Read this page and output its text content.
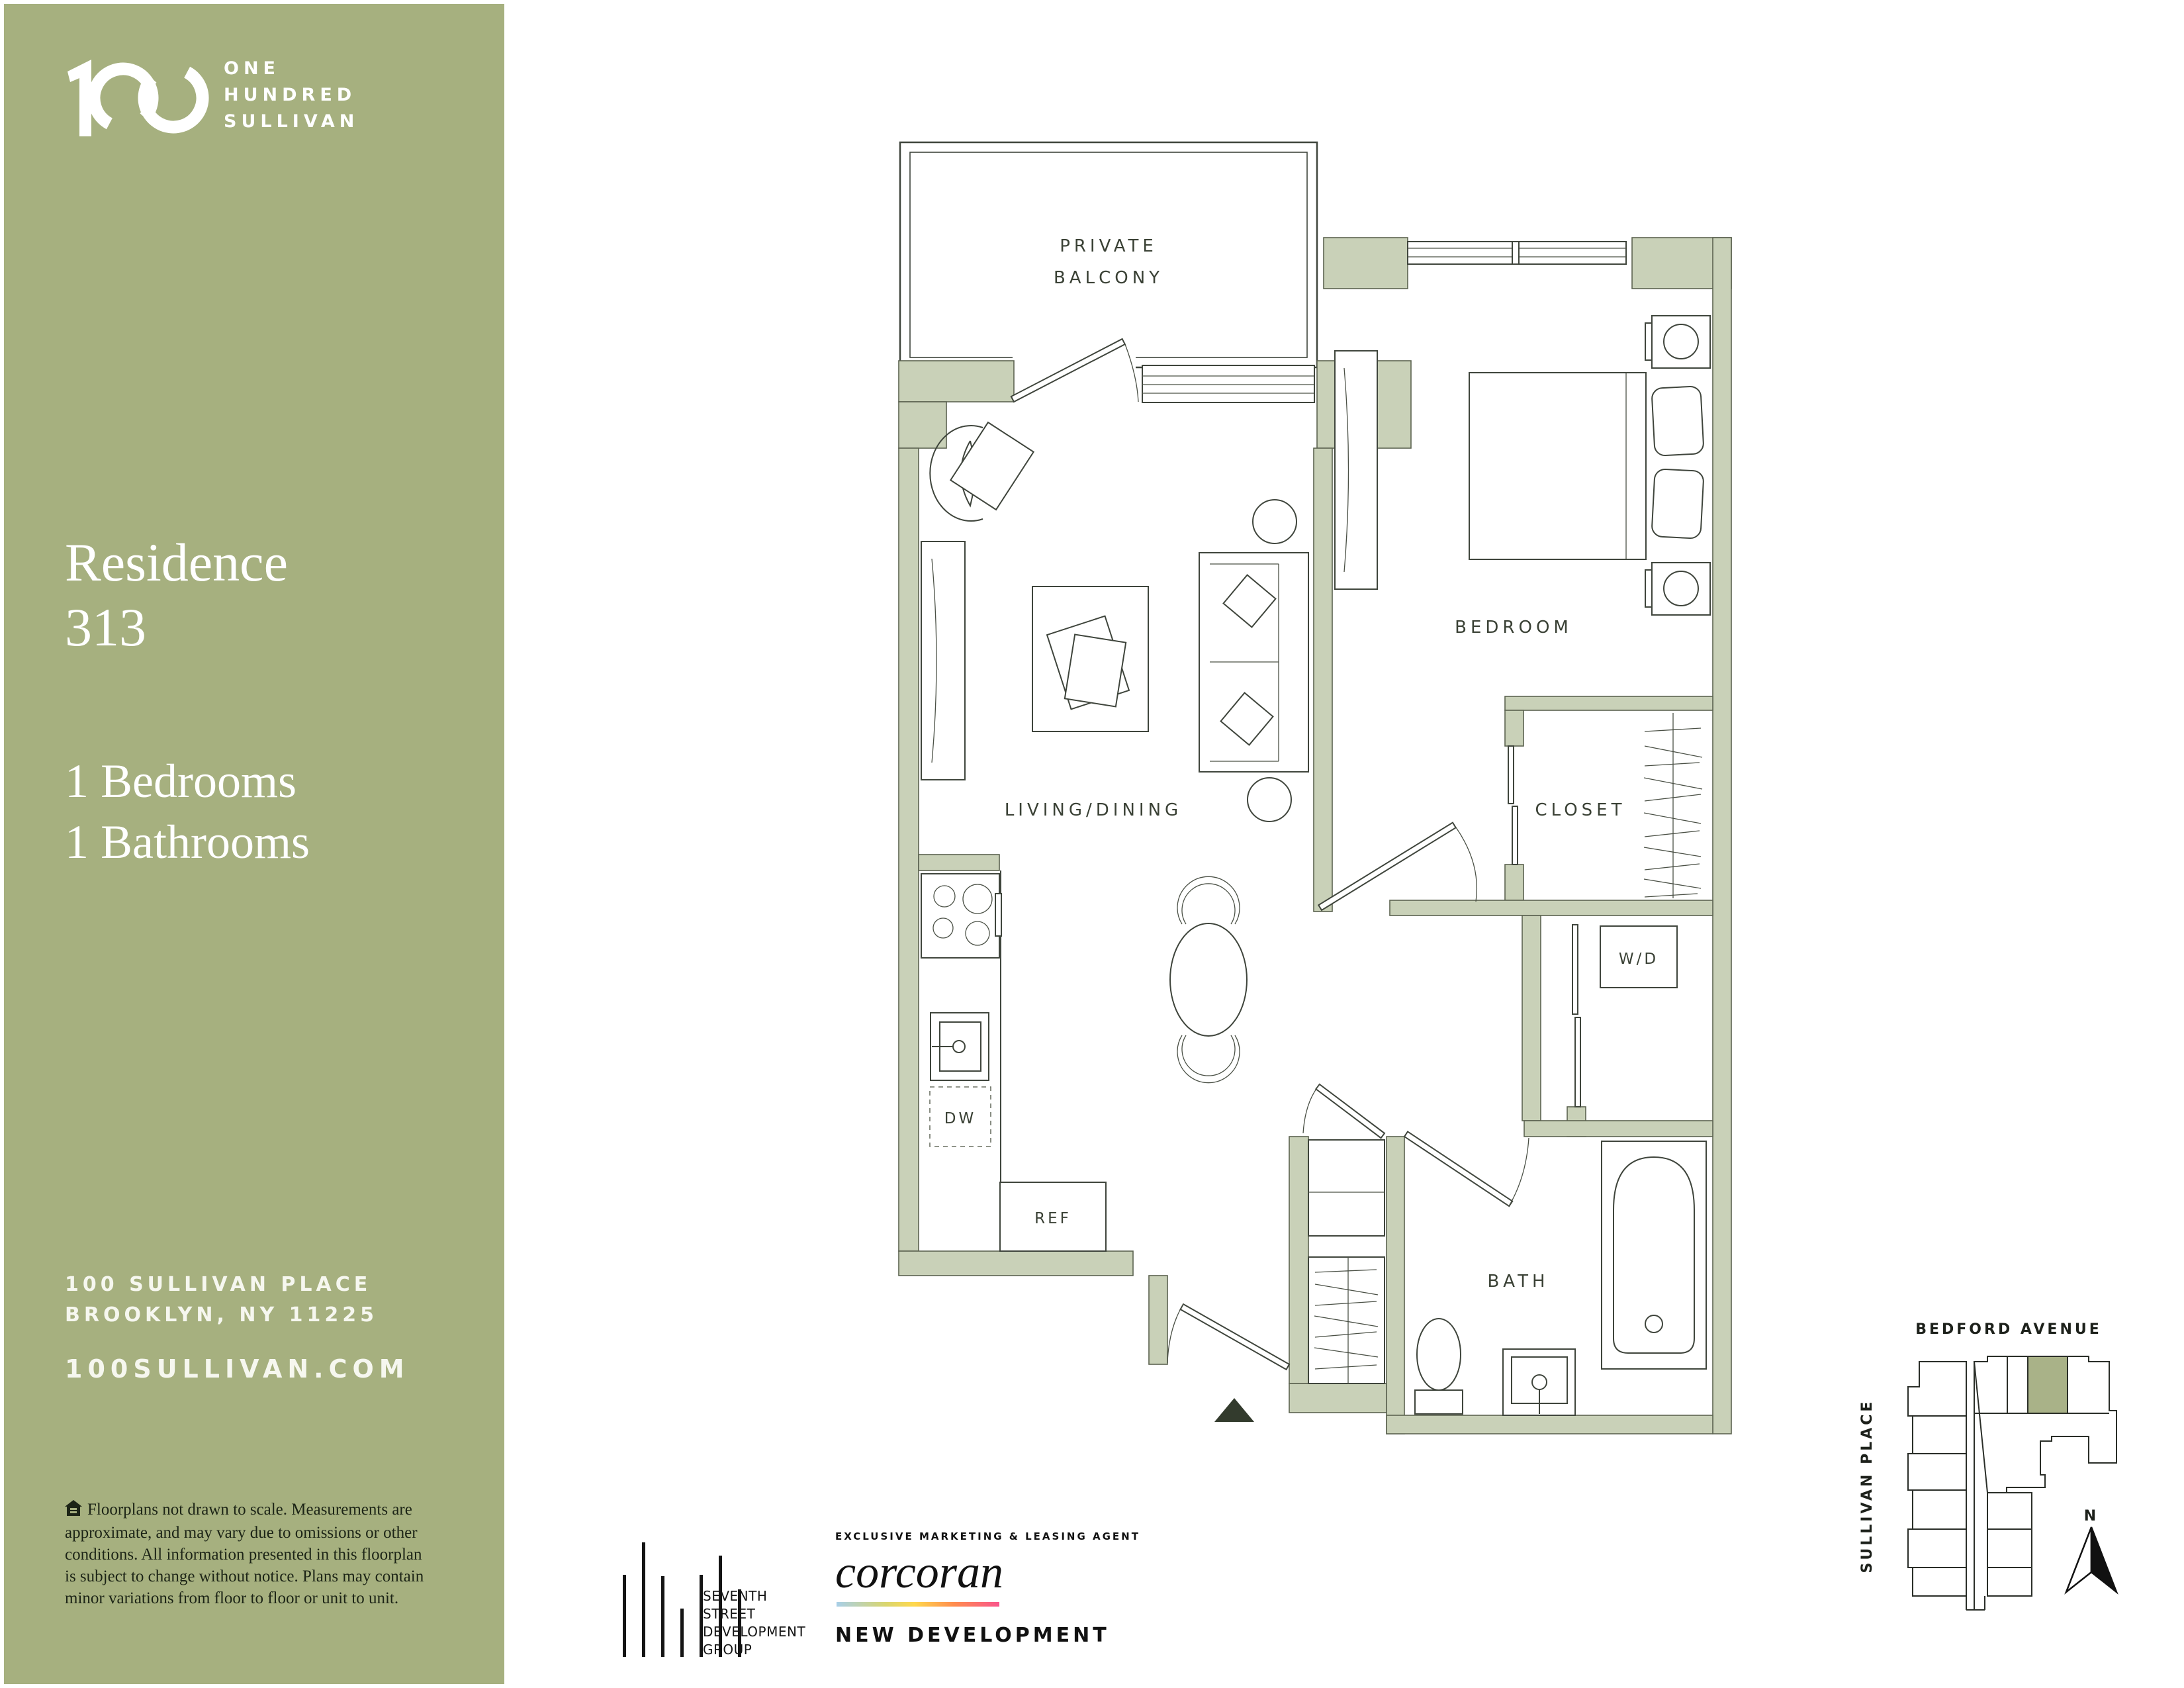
ONE
HUNDRED
SULLIVAN
Residence
313
1 Bedrooms
1 Bathrooms
100 SULLIVAN PLACE
BROOKLYN, NY 11225
100SULLIVAN.COM
Floorplans not drawn to scale. Measurements are approximate, and may vary due to omissions or other conditions. All information presented in this floorplan is subject to change without notice. Plans may contain minor variations from floor to floor or unit to unit.
PRIVATE
BALCONY
DW
REF
LIVING/DINING
BEDROOM
CLOSET
W/D
BATH
SEVENTH
STREET
DEVELOPMENT
GROUP
EXCLUSIVE MARKETING & LEASING AGENT
corcoran
NEW DEVELOPMENT
BEDFORD AVENUE
SULLIVAN PLACE	N
